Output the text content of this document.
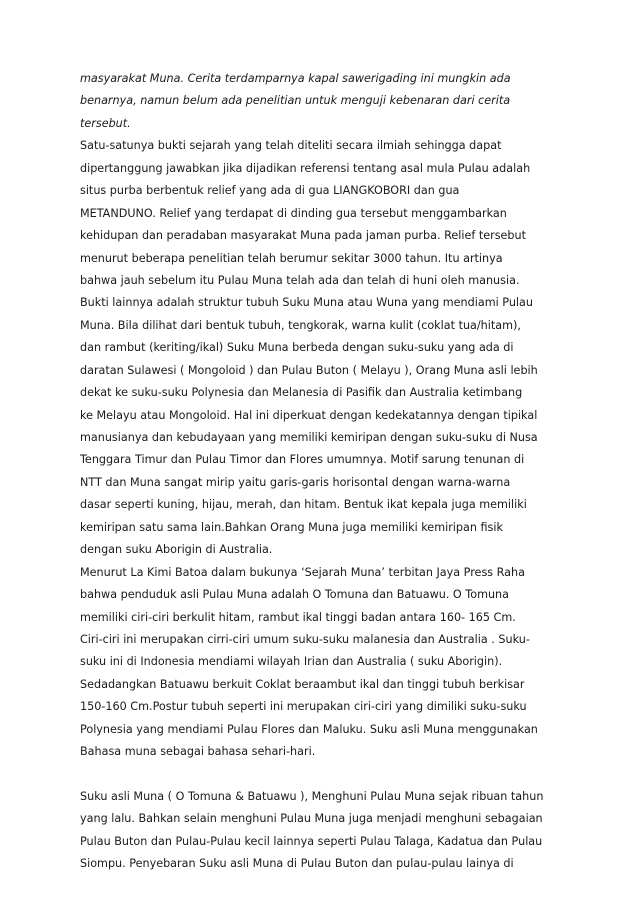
masyarakat Muna. Cerita terdamparnya kapal sawerigading ini mungkin ada
benarnya, namun belum ada penelitian untuk menguji kebenaran dari cerita
tersebut.
Satu-satunya bukti sejarah yang telah diteliti secara ilmiah sehingga dapat
dipertanggung jawabkan jika dijadikan referensi tentang asal mula Pulau adalah
situs purba berbentuk relief yang ada di gua LIANGKOBORI dan gua
METANDUNO. Relief yang terdapat di dinding gua tersebut menggambarkan
kehidupan dan peradaban masyarakat Muna pada jaman purba. Relief tersebut
menurut beberapa penelitian telah berumur sekitar 3000 tahun. Itu artinya
bahwa jauh sebelum itu Pulau Muna telah ada dan telah di huni oleh manusia.
Bukti lainnya adalah struktur tubuh Suku Muna atau Wuna yang mendiami Pulau
Muna. Bila dilihat dari bentuk tubuh, tengkorak, warna kulit (coklat tua/hitam),
dan rambut (keriting/ikal) Suku Muna berbeda dengan suku-suku yang ada di
daratan Sulawesi ( Mongoloid ) dan Pulau Buton ( Melayu ), Orang Muna asli lebih
dekat ke suku-suku Polynesia dan Melanesia di Pasifik dan Australia ketimbang
ke Melayu atau Mongoloid. Hal ini diperkuat dengan kedekatannya dengan tipikal
manusianya dan kebudayaan yang memiliki kemiripan dengan suku-suku di Nusa
Tenggara Timur dan Pulau Timor dan Flores umumnya. Motif sarung tenunan di
NTT dan Muna sangat mirip yaitu garis-garis horisontal dengan warna-warna
dasar seperti kuning, hijau, merah, dan hitam. Bentuk ikat kepala juga memiliki
kemiripan satu sama lain.Bahkan Orang Muna juga memiliki kemiripan fisik
dengan suku Aborigin di Australia.
Menurut La Kimi Batoa dalam bukunya ‘Sejarah Muna’ terbitan Jaya Press Raha
bahwa penduduk asli Pulau Muna adalah O Tomuna dan Batuawu. O Tomuna
memiliki ciri-ciri berkulit hitam, rambut ikal tinggi badan antara 160- 165 Cm.
Ciri-ciri ini merupakan cirri-ciri umum suku-suku malanesia dan Australia . Suku-
suku ini di Indonesia mendiami wilayah Irian dan Australia ( suku Aborigin).
Sedadangkan Batuawu berkuit Coklat beraambut ikal dan tinggi tubuh berkisar
150-160 Cm.Postur tubuh seperti ini merupakan ciri-ciri yang dimiliki suku-suku
Polynesia yang mendiami Pulau Flores dan Maluku. Suku asli Muna menggunakan
Bahasa muna sebagai bahasa sehari-hari.
Suku asli Muna ( O Tomuna & Batuawu ), Menghuni Pulau Muna sejak ribuan tahun
yang lalu. Bahkan selain menghuni Pulau Muna juga menjadi menghuni sebagaian
Pulau Buton dan Pulau-Pulau kecil lainnya seperti Pulau Talaga, Kadatua dan Pulau
Siompu. Penyebaran Suku asli Muna di Pulau Buton dan pulau-pulau lainya di
